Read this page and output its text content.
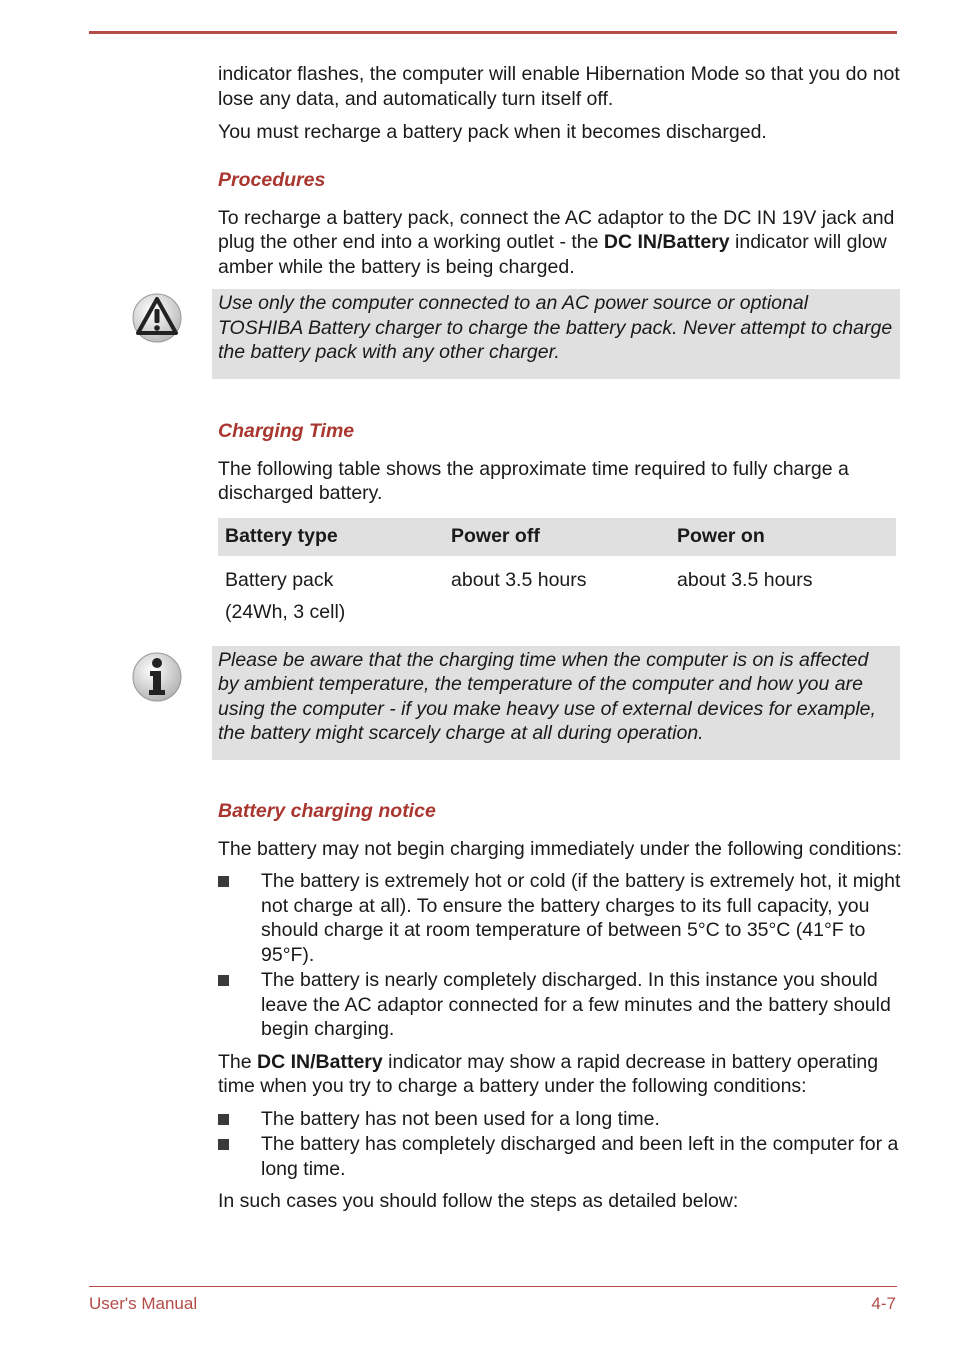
indicator flashes, the computer will enable Hibernation Mode so that you do not lose any data, and automatically turn itself off.

You must recharge a battery pack when it becomes discharged.

Procedures

To recharge a battery pack, connect the AC adaptor to the DC IN 19V jack and plug the other end into a working outlet - the DC IN/Battery indicator will glow amber while the battery is being charged.

Use only the computer connected to an AC power source or optional TOSHIBA Battery charger to charge the battery pack. Never attempt to charge the battery pack with any other charger.

Charging Time

The following table shows the approximate time required to fully charge a discharged battery.

Battery type	Power off	Power on

Battery pack
(24Wh, 3 cell)	about 3.5 hours	about 3.5 hours

Please be aware that the charging time when the computer is on is affected by ambient temperature, the temperature of the computer and how you are using the computer - if you make heavy use of external devices for example, the battery might scarcely charge at all during operation.

Battery charging notice

The battery may not begin charging immediately under the following conditions:

The battery is extremely hot or cold (if the battery is extremely hot, it might not charge at all). To ensure the battery charges to its full capacity, you should charge it at room temperature of between 5°C to 35°C (41°F to 95°F).
The battery is nearly completely discharged. In this instance you should leave the AC adaptor connected for a few minutes and the battery should begin charging.

The DC IN/Battery indicator may show a rapid decrease in battery operating time when you try to charge a battery under the following conditions:

The battery has not been used for a long time.
The battery has completely discharged and been left in the computer for a long time.

In such cases you should follow the steps as detailed below:

User's Manual	4-7
